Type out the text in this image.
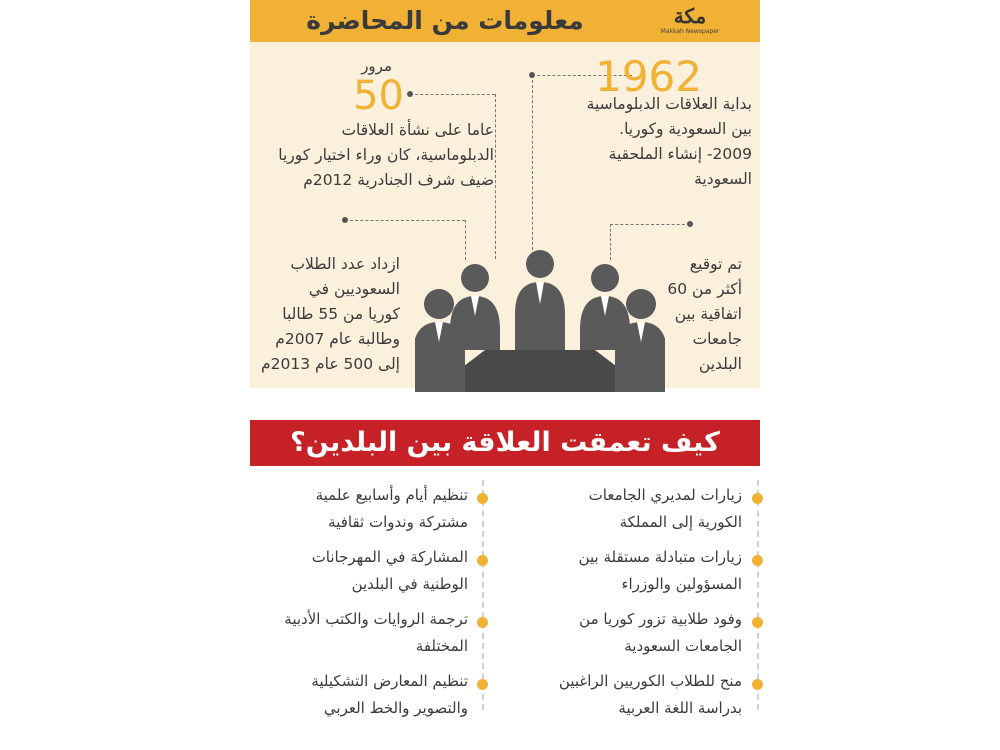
معلومات من المحاضرة	مكة
Makkah Newspaper
1962
بداية العلاقات الدبلوماسية
بين السعودية وكوريا.
2009- إنشاء الملحقية
السعودية
مرور
50
عاما على نشأة العلاقات
الدبلوماسية، كان وراء اختيار كوريا
ضيف شرف الجنادرية 2012م
ازداد عدد الطلاب
السعوديين في
كوريا من 55 طالبا
وطالبة عام 2007م
إلى 500 عام 2013م
تم توقيع
أكثر من 60
اتفاقية بين
جامعات
البلدين
كيف تعمقت العلاقة بين البلدين؟
زيارات لمديري الجامعات
الكورية إلى المملكة
زيارات متبادلة مستقلة بين
المسؤولين والوزراء
وفود طلابية تزور كوريا من
الجامعات السعودية
منح للطلاب الكوريين الراغبين
بدراسة اللغة العربية
تنظيم أيام وأسابيع علمية
مشتركة وندوات ثقافية
المشاركة في المهرجانات
الوطنية في البلدين
ترجمة الروايات والكتب الأدبية
المختلفة
تنظيم المعارض التشكيلية
والتصوير والخط العربي
